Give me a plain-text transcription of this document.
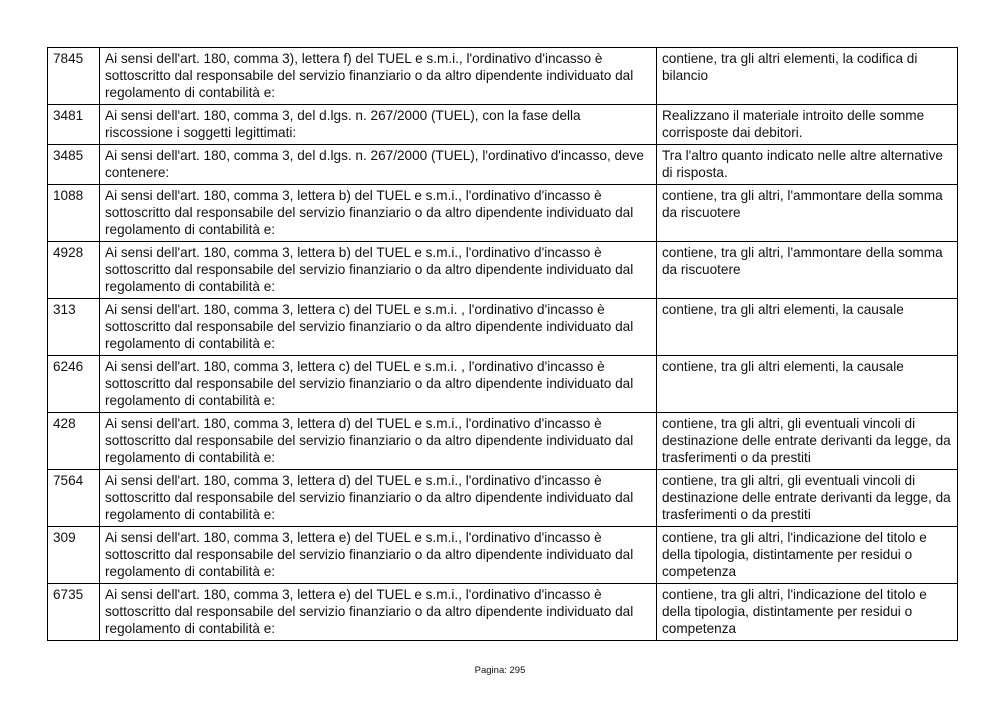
7845	Ai sensi dell'art. 180, comma 3), lettera f) del TUEL e s.m.i., l'ordinativo d'incasso è sottoscritto dal responsabile del servizio finanziario o da altro dipendente individuato dal regolamento di contabilità e:	contiene, tra gli altri elementi, la codifica di bilancio
3481	Ai sensi dell'art. 180, comma 3, del d.lgs. n. 267/2000 (TUEL), con la fase della riscossione i soggetti legittimati:	Realizzano il materiale introito delle somme corrisposte dai debitori.
3485	Ai sensi dell'art. 180, comma 3, del d.lgs. n. 267/2000 (TUEL), l'ordinativo d'incasso, deve contenere:	Tra l'altro quanto indicato nelle altre alternative di risposta.
1088	Ai sensi dell'art. 180, comma 3, lettera b) del TUEL e s.m.i., l'ordinativo d'incasso è sottoscritto dal responsabile del servizio finanziario o da altro dipendente individuato dal regolamento di contabilità e:	contiene, tra gli altri, l'ammontare della somma da riscuotere
4928	Ai sensi dell'art. 180, comma 3, lettera b) del TUEL e s.m.i., l'ordinativo d'incasso è sottoscritto dal responsabile del servizio finanziario o da altro dipendente individuato dal regolamento di contabilità e:	contiene, tra gli altri, l'ammontare della somma da riscuotere
313	Ai sensi dell'art. 180, comma 3, lettera c) del TUEL e s.m.i. , l'ordinativo d'incasso è sottoscritto dal responsabile del servizio finanziario o da altro dipendente individuato dal regolamento di contabilità e:	contiene, tra gli altri elementi, la causale
6246	Ai sensi dell'art. 180, comma 3, lettera c) del TUEL e s.m.i. , l'ordinativo d'incasso è sottoscritto dal responsabile del servizio finanziario o da altro dipendente individuato dal regolamento di contabilità e:	contiene, tra gli altri elementi, la causale
428	Ai sensi dell'art. 180, comma 3, lettera d) del TUEL e s.m.i., l'ordinativo d'incasso è sottoscritto dal responsabile del servizio finanziario o da altro dipendente individuato dal regolamento di contabilità e:	contiene, tra gli altri, gli eventuali vincoli di destinazione delle entrate derivanti da legge, da trasferimenti o da prestiti
7564	Ai sensi dell'art. 180, comma 3, lettera d) del TUEL e s.m.i., l'ordinativo d'incasso è sottoscritto dal responsabile del servizio finanziario o da altro dipendente individuato dal regolamento di contabilità e:	contiene, tra gli altri, gli eventuali vincoli di destinazione delle entrate derivanti da legge, da trasferimenti o da prestiti
309	Ai sensi dell'art. 180, comma 3, lettera e) del TUEL e s.m.i., l'ordinativo d'incasso è sottoscritto dal responsabile del servizio finanziario o da altro dipendente individuato dal regolamento di contabilità e:	contiene, tra gli altri, l'indicazione del titolo e della tipologia, distintamente per residui o competenza
6735	Ai sensi dell'art. 180, comma 3, lettera e) del TUEL e s.m.i., l'ordinativo d'incasso è sottoscritto dal responsabile del servizio finanziario o da altro dipendente individuato dal regolamento di contabilità e:	contiene, tra gli altri, l'indicazione del titolo e della tipologia, distintamente per residui o competenza
Pagina: 295
